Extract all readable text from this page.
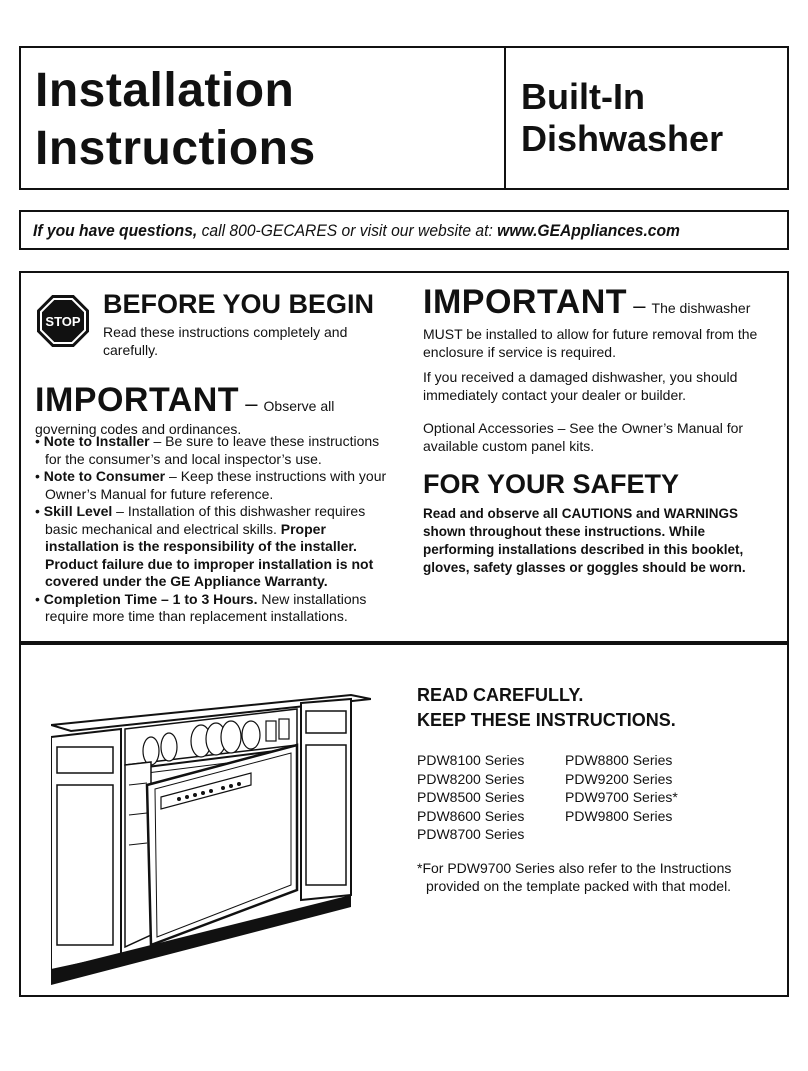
Installation
Instructions
Built-In
Dishwasher

If you have questions, call 800-GECARES or visit our website at: www.GEAppliances.com

STOP
BEFORE YOU BEGIN

Read these instructions completely and carefully.

IMPORTANT – Observe all
governing codes and ordinances.

• Note to Installer – Be sure to leave these instructions for the consumer’s and local inspector’s use.
• Note to Consumer – Keep these instructions with your Owner’s Manual for future reference.
• Skill Level – Installation of this dishwasher requires basic mechanical and electrical skills. Proper installation is the responsibility of the installer. Product failure due to improper installation is not covered under the GE Appliance Warranty.
• Completion Time – 1 to 3 Hours. New installations require more time than replacement installations.

IMPORTANT – The dishwasher
MUST be installed to allow for future removal from the enclosure if service is required.

If you received a damaged dishwasher, you should immediately contact your dealer or builder.

Optional Accessories – See the Owner’s Manual for available custom panel kits.

FOR YOUR SAFETY

Read and observe all CAUTIONS and WARNINGS shown throughout these instructions. While performing installations described in this booklet, gloves, safety glasses or goggles should be worn.

READ CAREFULLY.
KEEP THESE INSTRUCTIONS.

PDW8100 Series
PDW8200 Series
PDW8500 Series
PDW8600 Series
PDW8700 Series
PDW8800 Series
PDW9200 Series
PDW9700 Series*
PDW9800 Series

*For PDW9700 Series also refer to the Instructions
provided on the template packed with that model.
